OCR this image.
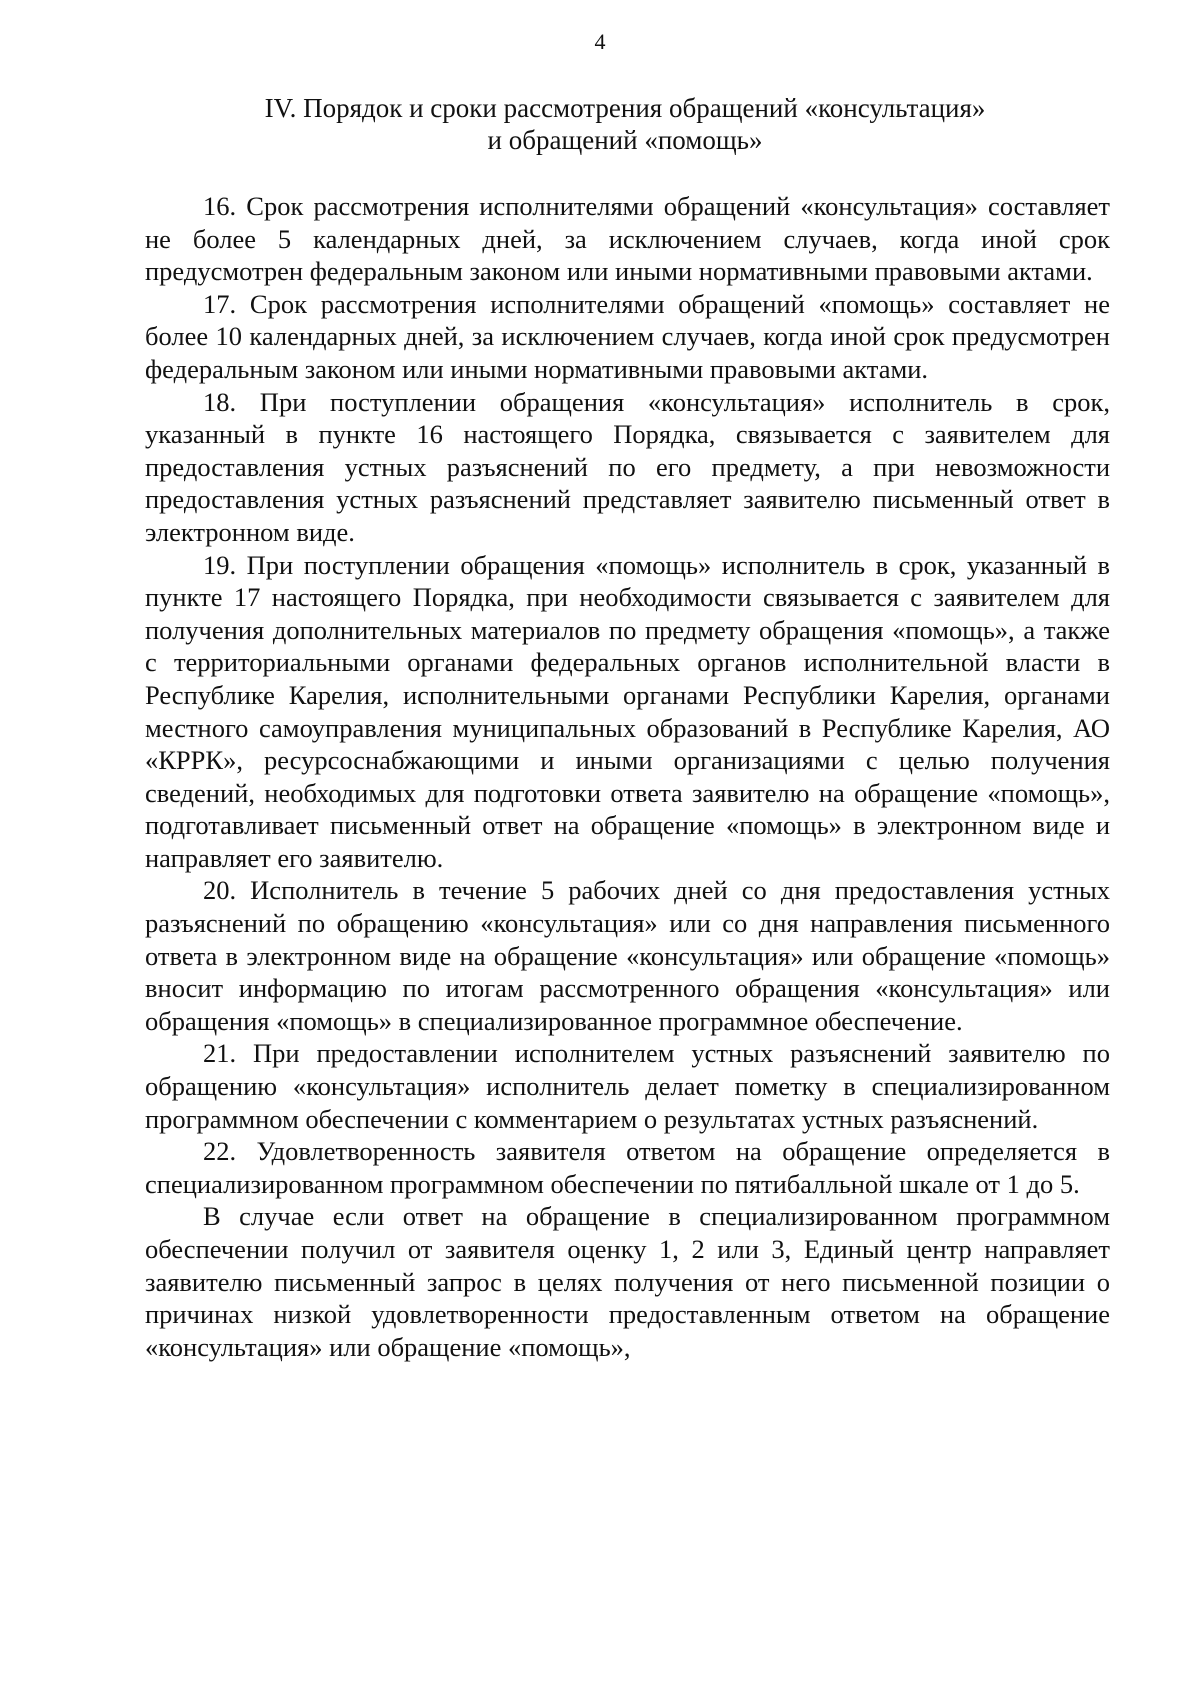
4
IV. Порядок и сроки рассмотрения обращений «консультация»
и обращений «помощь»

16. Срок рассмотрения исполнителями обращений «консультация» составляет не более 5 календарных дней, за исключением случаев, когда иной срок предусмотрен федеральным законом или иными нормативными правовыми актами.

17. Срок рассмотрения исполнителями обращений «помощь» составляет не более 10 календарных дней, за исключением случаев, когда иной срок предусмотрен федеральным законом или иными нормативными правовыми актами.

18. При поступлении обращения «консультация» исполнитель в срок, указанный в пункте 16 настоящего Порядка, связывается с заявителем для предоставления устных разъяснений по его предмету, а при невозможности предоставления устных разъяснений представляет заявителю письменный ответ в электронном виде.

19. При поступлении обращения «помощь» исполнитель в срок, указанный в пункте 17 настоящего Порядка, при необходимости связывается с заявителем для получения дополнительных материалов по предмету обращения «помощь», а также с территориальными органами федеральных органов исполнительной власти в Республике Карелия, исполнительными органами Республики Карелия, органами местного самоуправления муниципальных образований в Республике Карелия, АО «КРРК», ресурсоснабжающими и иными организациями с целью получения сведений, необходимых для подготовки ответа заявителю на обращение «помощь», подготавливает письменный ответ на обращение «помощь» в электронном виде и направляет его заявителю.

20. Исполнитель в течение 5 рабочих дней со дня предоставления устных разъяснений по обращению «консультация» или со дня направления письменного ответа в электронном виде на обращение «консультация» или обращение «помощь» вносит информацию по итогам рассмотренного обращения «консультация» или обращения «помощь» в специализированное программное обеспечение.

21. При предоставлении исполнителем устных разъяснений заявителю по обращению «консультация» исполнитель делает пометку в специализированном программном обеспечении с комментарием о результатах устных разъяснений.

22. Удовлетворенность заявителя ответом на обращение определяется в специализированном программном обеспечении по пятибалльной шкале от 1 до 5.

В случае если ответ на обращение в специализированном программном обеспечении получил от заявителя оценку 1, 2 или 3, Единый центр направляет заявителю письменный запрос в целях получения от него письменной позиции о причинах низкой удовлетворенности предоставленным ответом на обращение «консультация» или обращение «помощь»,
